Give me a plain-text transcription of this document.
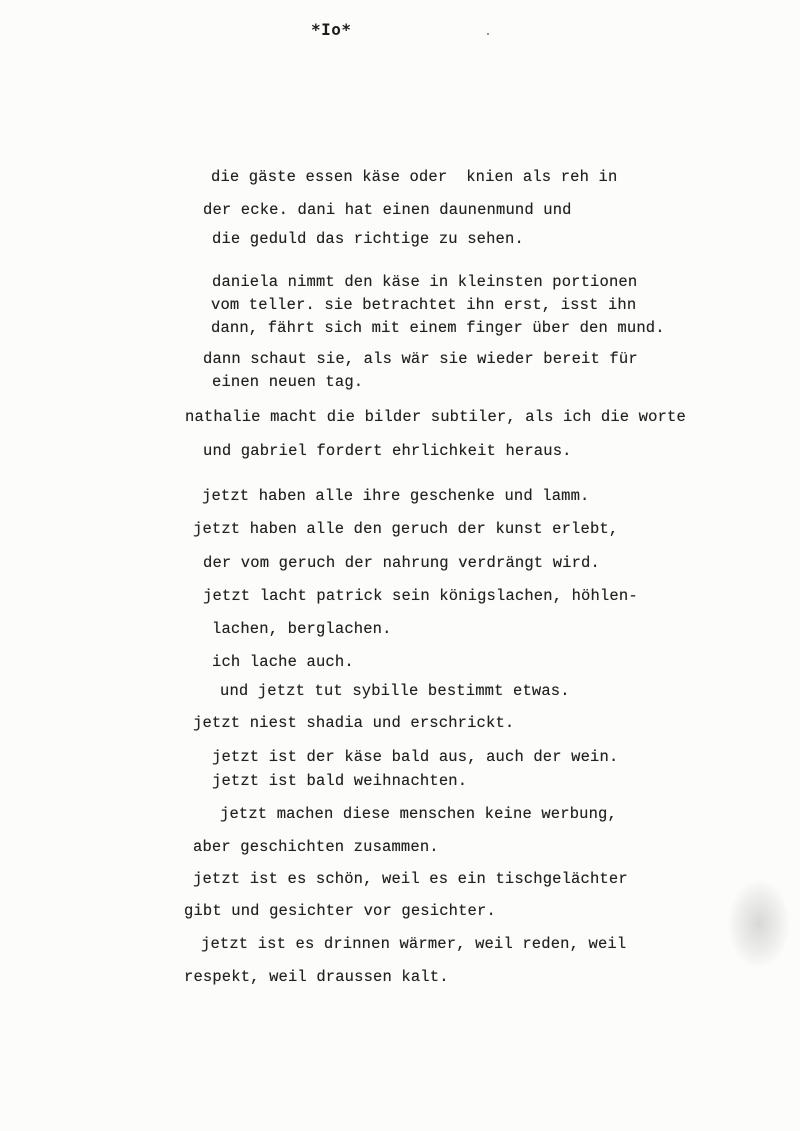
*Io*
die gäste essen käse oder  knien als reh in
der ecke. dani hat einen daunenmund und
die geduld das richtige zu sehen.
daniela nimmt den käse in kleinsten portionen
vom teller. sie betrachtet ihn erst, isst ihn
dann, fährt sich mit einem finger über den mund.
dann schaut sie, als wär sie wieder bereit für
einen neuen tag.
nathalie macht die bilder subtiler, als ich die worte
und gabriel fordert ehrlichkeit heraus.
jetzt haben alle ihre geschenke und lamm.
jetzt haben alle den geruch der kunst erlebt,
der vom geruch der nahrung verdrängt wird.
jetzt lacht patrick sein königslachen, höhlen-
lachen, berglachen.
ich lache auch.
und jetzt tut sybille bestimmt etwas.
jetzt niest shadia und erschrickt.
jetzt ist der käse bald aus, auch der wein.
jetzt ist bald weihnachten.
jetzt machen diese menschen keine werbung,
aber geschichten zusammen.
jetzt ist es schön, weil es ein tischgelächter
gibt und gesichter vor gesichter.
jetzt ist es drinnen wärmer, weil reden, weil
respekt, weil draussen kalt.
